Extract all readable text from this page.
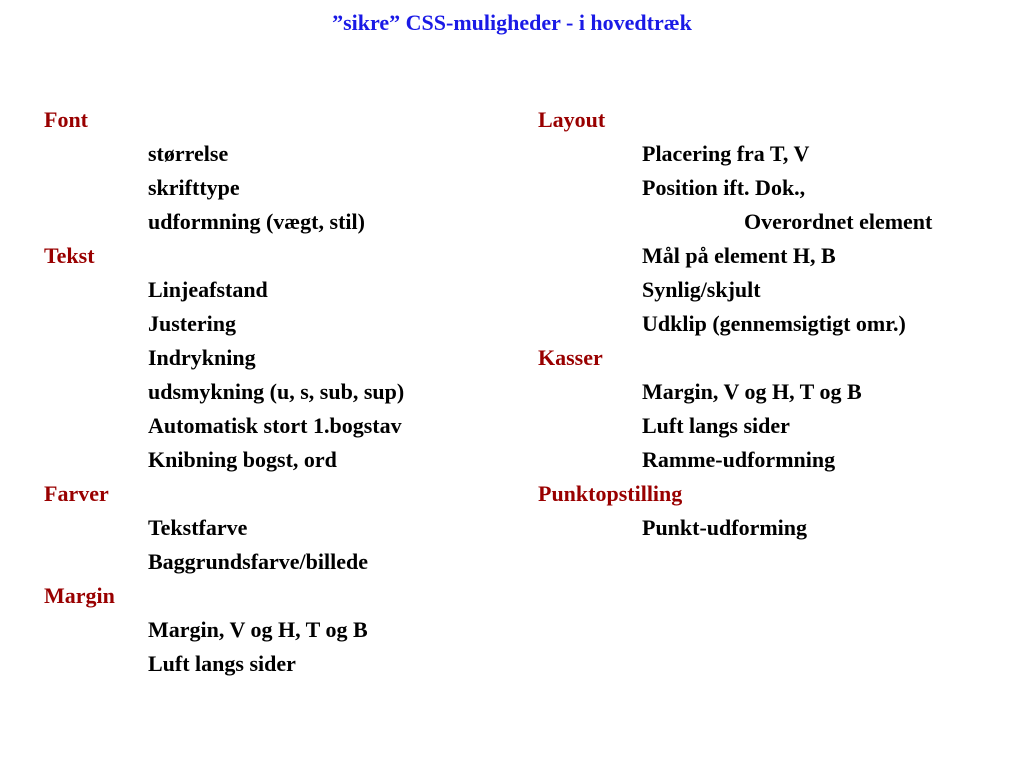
”sikre” CSS-muligheder - i hovedtræk
Font
størrelse
skrifttype
udformning (vægt, stil)
Tekst
Linjeafstand
Justering
Indrykning
udsmykning (u, s, sub, sup)
Automatisk stort 1.bogstav
Knibning bogst, ord
Farver
Tekstfarve
Baggrundsfarve/billede
Margin
Margin, V og H, T og B
Luft langs sider
Layout
Placering fra T, V
Position ift. Dok.,
Overordnet element
Mål på element H, B
Synlig/skjult
Udklip (gennemsigtigt omr.)
Kasser
Margin, V og H, T og B
Luft langs sider
Ramme-udformning
Punktopstilling
Punkt-udforming
